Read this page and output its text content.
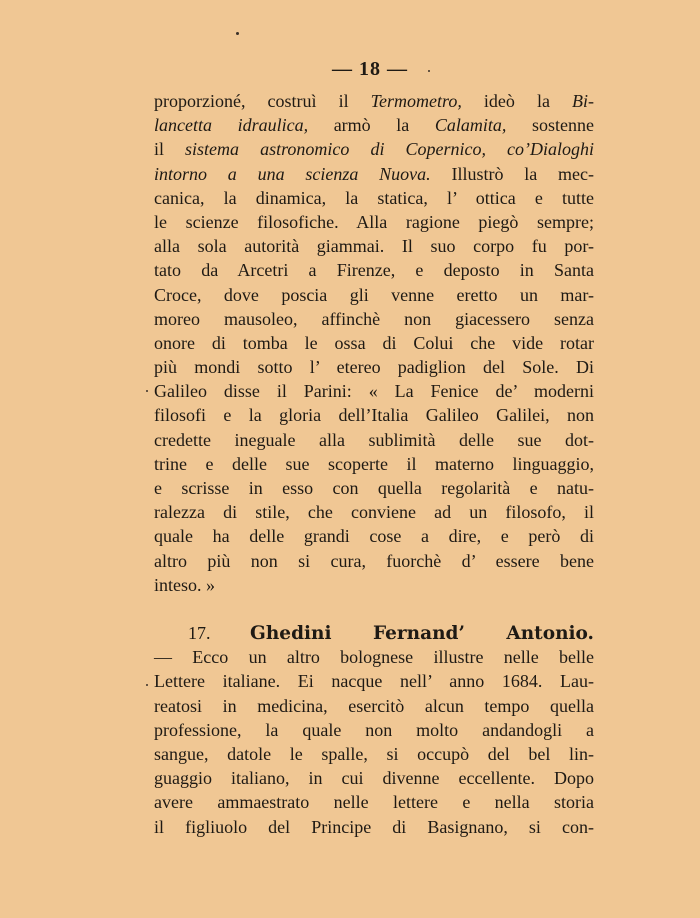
— 18 —
proporzioné, costruì il Termometro, ideò la Bi-
lancetta idraulica, armò la Calamita, sostenne
il sistema astronomico di Copernico, co’Dialoghi
intorno a una scienza Nuova. Illustrò la mec-
canica, la dinamica, la statica, l’ ottica e tutte
le scienze filosofiche. Alla ragione piegò sempre;
alla sola autorità giammai. Il suo corpo fu por-
tato da Arcetri a Firenze, e deposto in Santa
Croce, dove poscia gli venne eretto un mar-
moreo mausoleo, affinchè non giacessero senza
onore di tomba le ossa di Colui che vide rotar
più mondi sotto l’ etereo padiglion del Sole. Di
Galileo disse il Parini: « La Fenice de’ moderni
filosofi e la gloria dell’Italia Galileo Galilei, non
credette ineguale alla sublimità delle sue dot-
trine e delle sue scoperte il materno linguaggio,
e scrisse in esso con quella regolarità e natu-
ralezza di stile, che conviene ad un filosofo, il
quale ha delle grandi cose a dire, e però di
altro più non si cura, fuorchè d’ essere bene
inteso. »
17. Ghedini Fernand’ Antonio.
— Ecco un altro bolognese illustre nelle belle
Lettere italiane. Ei nacque nell’ anno 1684. Lau-
reatosi in medicina, esercitò alcun tempo quella
professione, la quale non molto andandogli a
sangue, datole le spalle, si occupò del bel lin-
guaggio italiano, in cui divenne eccellente. Dopo
avere ammaestrato nelle lettere e nella storia
il figliuolo del Principe di Basignano, si con-
